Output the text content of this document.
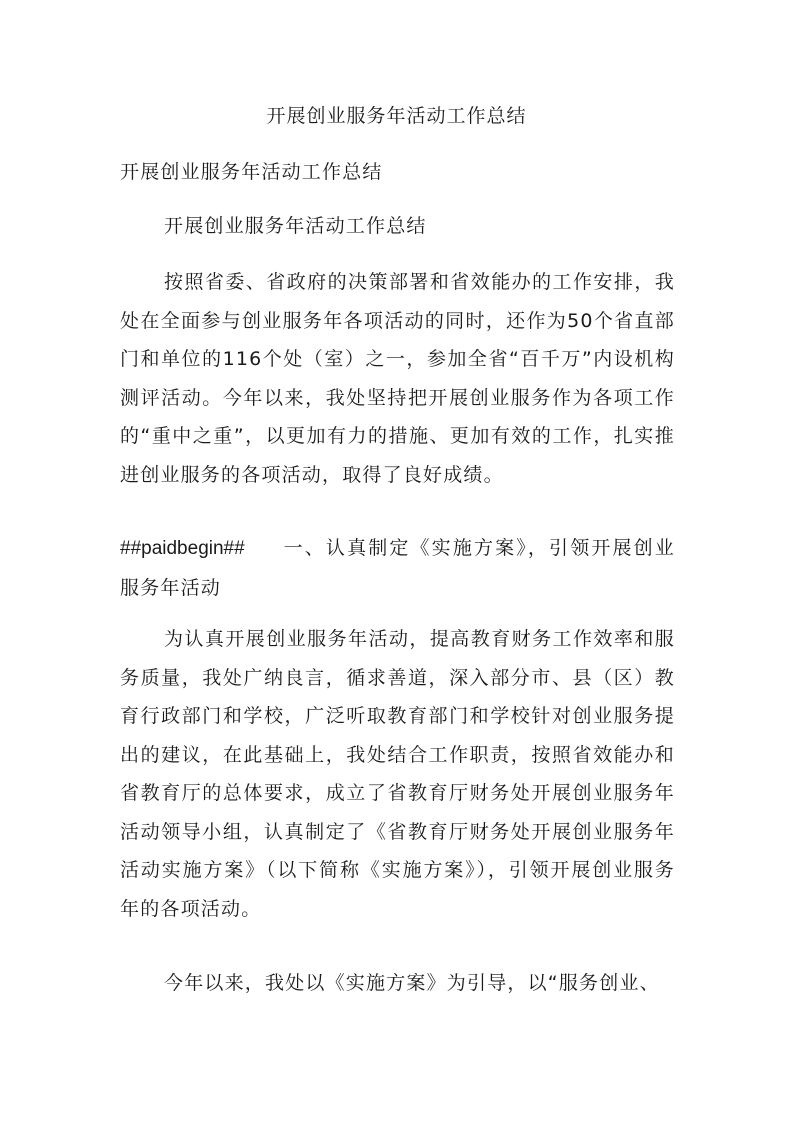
开展创业服务年活动工作总结
开展创业服务年活动工作总结
开展创业服务年活动工作总结
按照省委、省政府的决策部署和省效能办的工作安排，我处在全面参与创业服务年各项活动的同时，还作为50个省直部门和单位的116个处（室）之一，参加全省“百千万”内设机构测评活动。今年以来，我处坚持把开展创业服务作为各项工作的“重中之重”，以更加有力的措施、更加有效的工作，扎实推进创业服务的各项活动，取得了良好成绩。
##paidbegin## 一、认真制定《实施方案》，引领开展创业服务年活动
为认真开展创业服务年活动，提高教育财务工作效率和服务质量，我处广纳良言，循求善道，深入部分市、县（区）教育行政部门和学校，广泛听取教育部门和学校针对创业服务提出的建议，在此基础上，我处结合工作职责，按照省效能办和省教育厅的总体要求，成立了省教育厅财务处开展创业服务年活动领导小组，认真制定了《省教育厅财务处开展创业服务年活动实施方案》（以下简称《实施方案》），引领开展创业服务年的各项活动。
今年以来，我处以《实施方案》为引导，以“服务创业、
